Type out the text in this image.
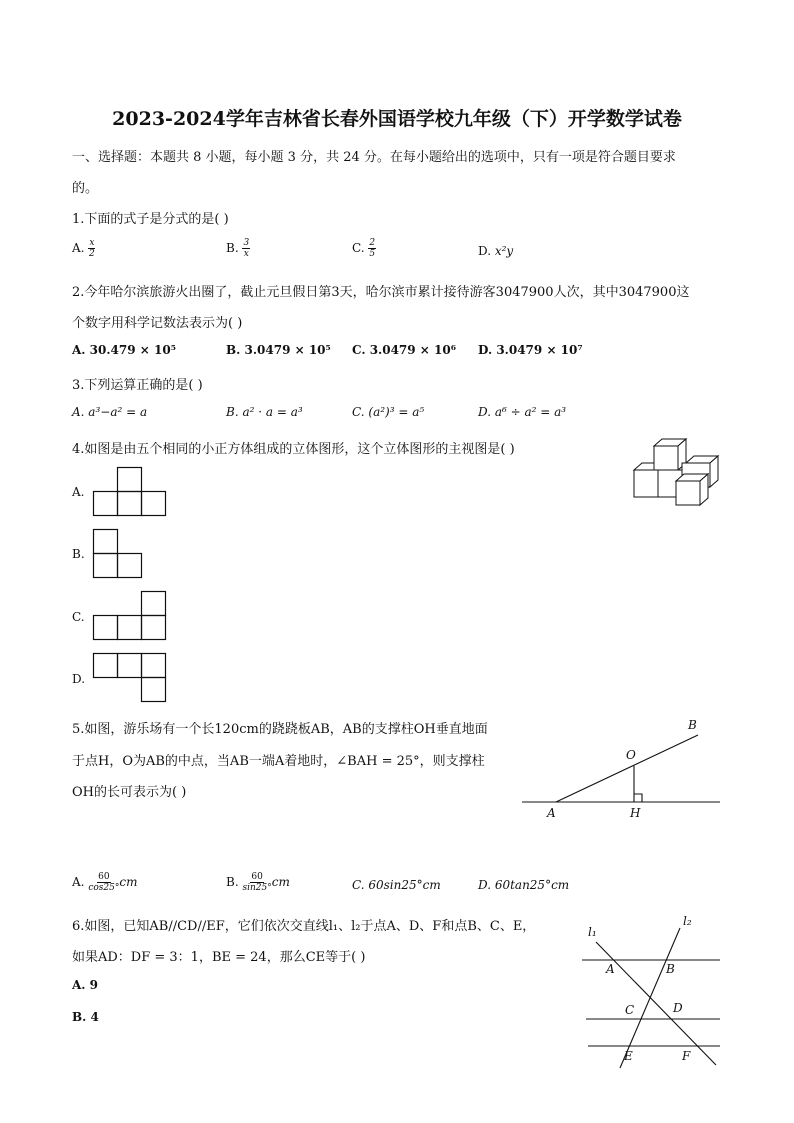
2023-2024学年吉林省长春外国语学校九年级（下）开学数学试卷
一、选择题：本题共 8 小题，每小题 3 分，共 24 分。在每小题给出的选项中，只有一项是符合题目要求
的。
1.下面的式子是分式的是( )
A. $\frac{x}{2}$	B. $\frac{3}{x}$	C. $\frac{2}{5}$	D. x²y
2.今年哈尔滨旅游火出圈了，截止元旦假日第3天，哈尔滨市累计接待游客3047900人次，其中3047900这
个数字用科学记数法表示为( )
A. 30.479 × 10⁵	B. 3.0479 × 10⁵ C. 3.0479 × 10⁶ D. 3.0479 × 10⁷
3.下列运算正确的是( )
A. a³−a² = a	B. a² · a = a³	C. (a²)³ = a⁵	D. a⁶ ÷ a² = a³
4.如图是由五个相同的小正方体组成的立体图形，这个立体图形的主视图是( )
A.
B.
C.
D.
5.如图，游乐场有一个长120cm的跷跷板AB，AB的支撑柱OH垂直地面
于点H，O为AB的中点，当AB一端A着地时，∠BAH = 25°，则支撑柱
OH的长可表示为( )
A	H
O
B
A. $\frac{60}{\cos 25^\circ}$ cm	B. $\frac{60}{\sin 25^\circ}$ cm	C. 60sin25°cm	D. 60tan25°cm
6.如图，已知AB//CD//EF，它们依次交直线l₁、l₂于点A、D、F和点B、C、E，
如果AD：DF = 3：1，BE = 24，那么CE等于( )
A. 9
B. 4
l₁
l₂
A	B
C	D
E	F
